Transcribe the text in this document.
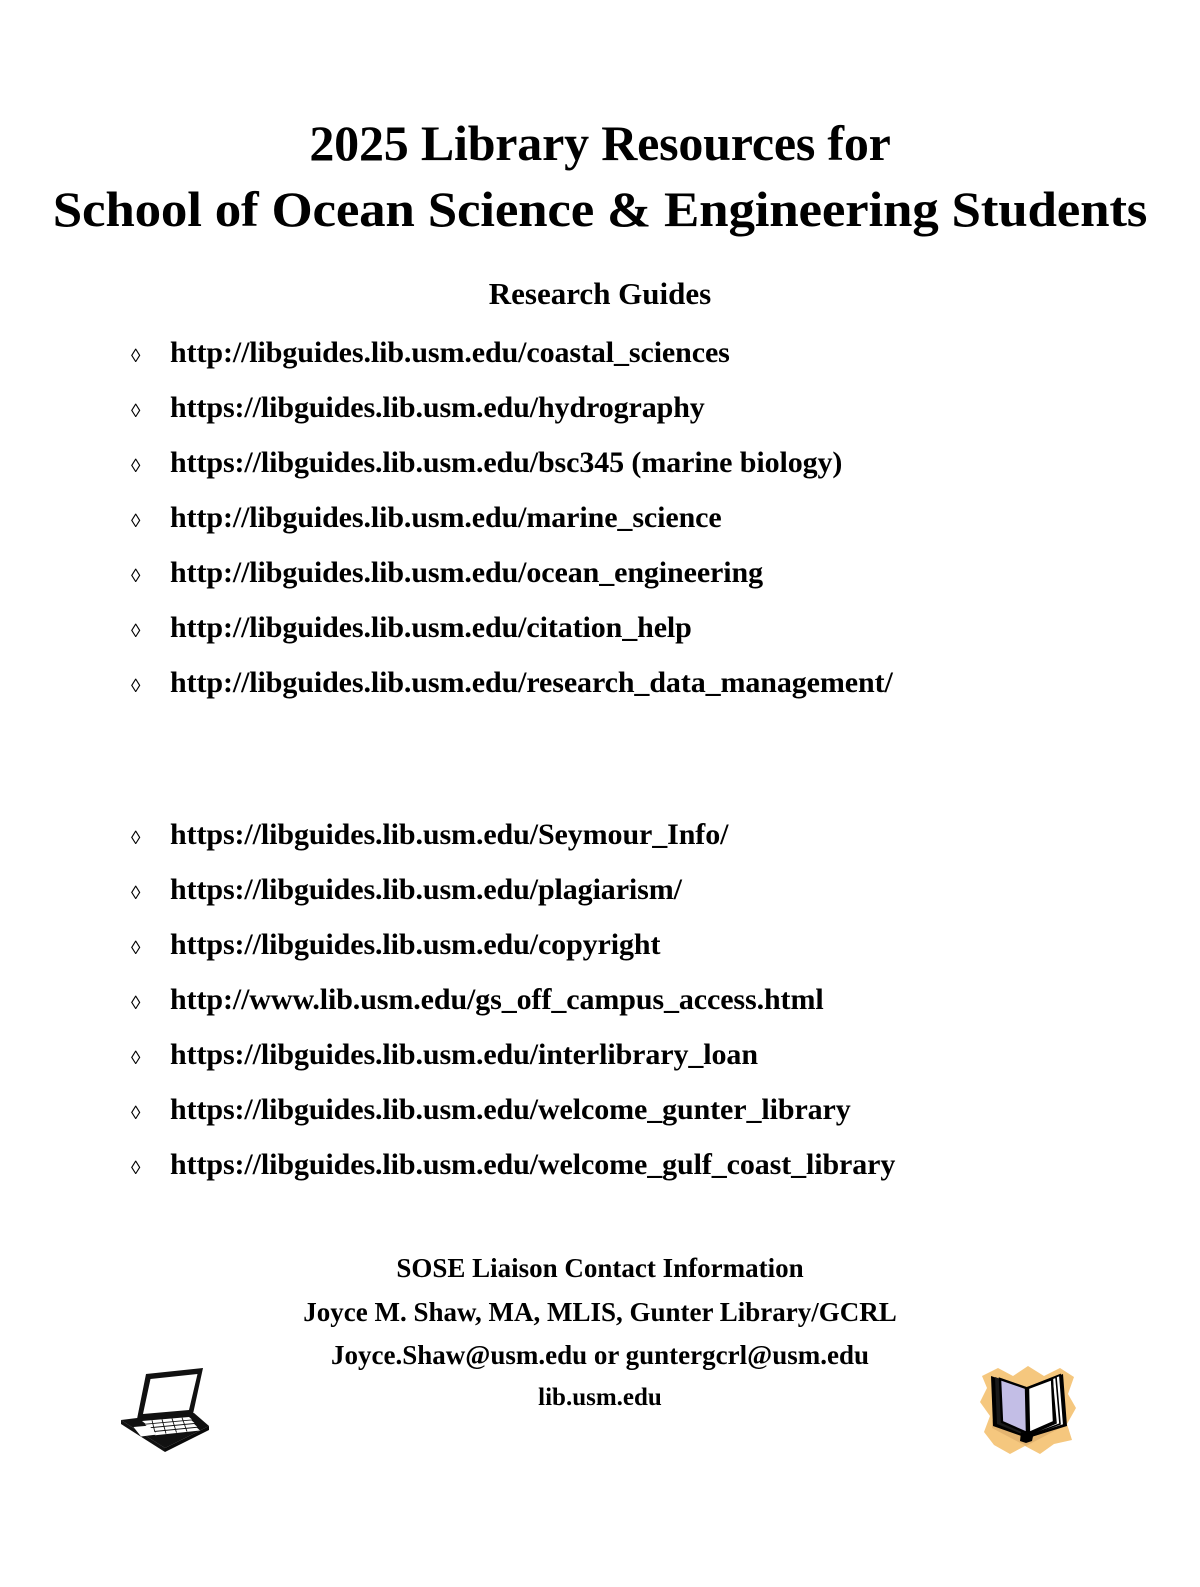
2025 Library Resources for
School of Ocean Science & Engineering Students
Research Guides
◊ http://libguides.lib.usm.edu/coastal_sciences
◊ https://libguides.lib.usm.edu/hydrography
◊ https://libguides.lib.usm.edu/bsc345 (marine biology)
◊ http://libguides.lib.usm.edu/marine_science
◊ http://libguides.lib.usm.edu/ocean_engineering
◊ http://libguides.lib.usm.edu/citation_help
◊ http://libguides.lib.usm.edu/research_data_management/
◊ https://libguides.lib.usm.edu/Seymour_Info/
◊ https://libguides.lib.usm.edu/plagiarism/
◊ https://libguides.lib.usm.edu/copyright
◊ http://www.lib.usm.edu/gs_off_campus_access.html
◊ https://libguides.lib.usm.edu/interlibrary_loan
◊ https://libguides.lib.usm.edu/welcome_gunter_library
◊ https://libguides.lib.usm.edu/welcome_gulf_coast_library
SOSE Liaison Contact Information
Joyce M. Shaw, MA, MLIS, Gunter Library/GCRL
Joyce.Shaw@usm.edu or guntergcrl@usm.edu
lib.usm.edu
